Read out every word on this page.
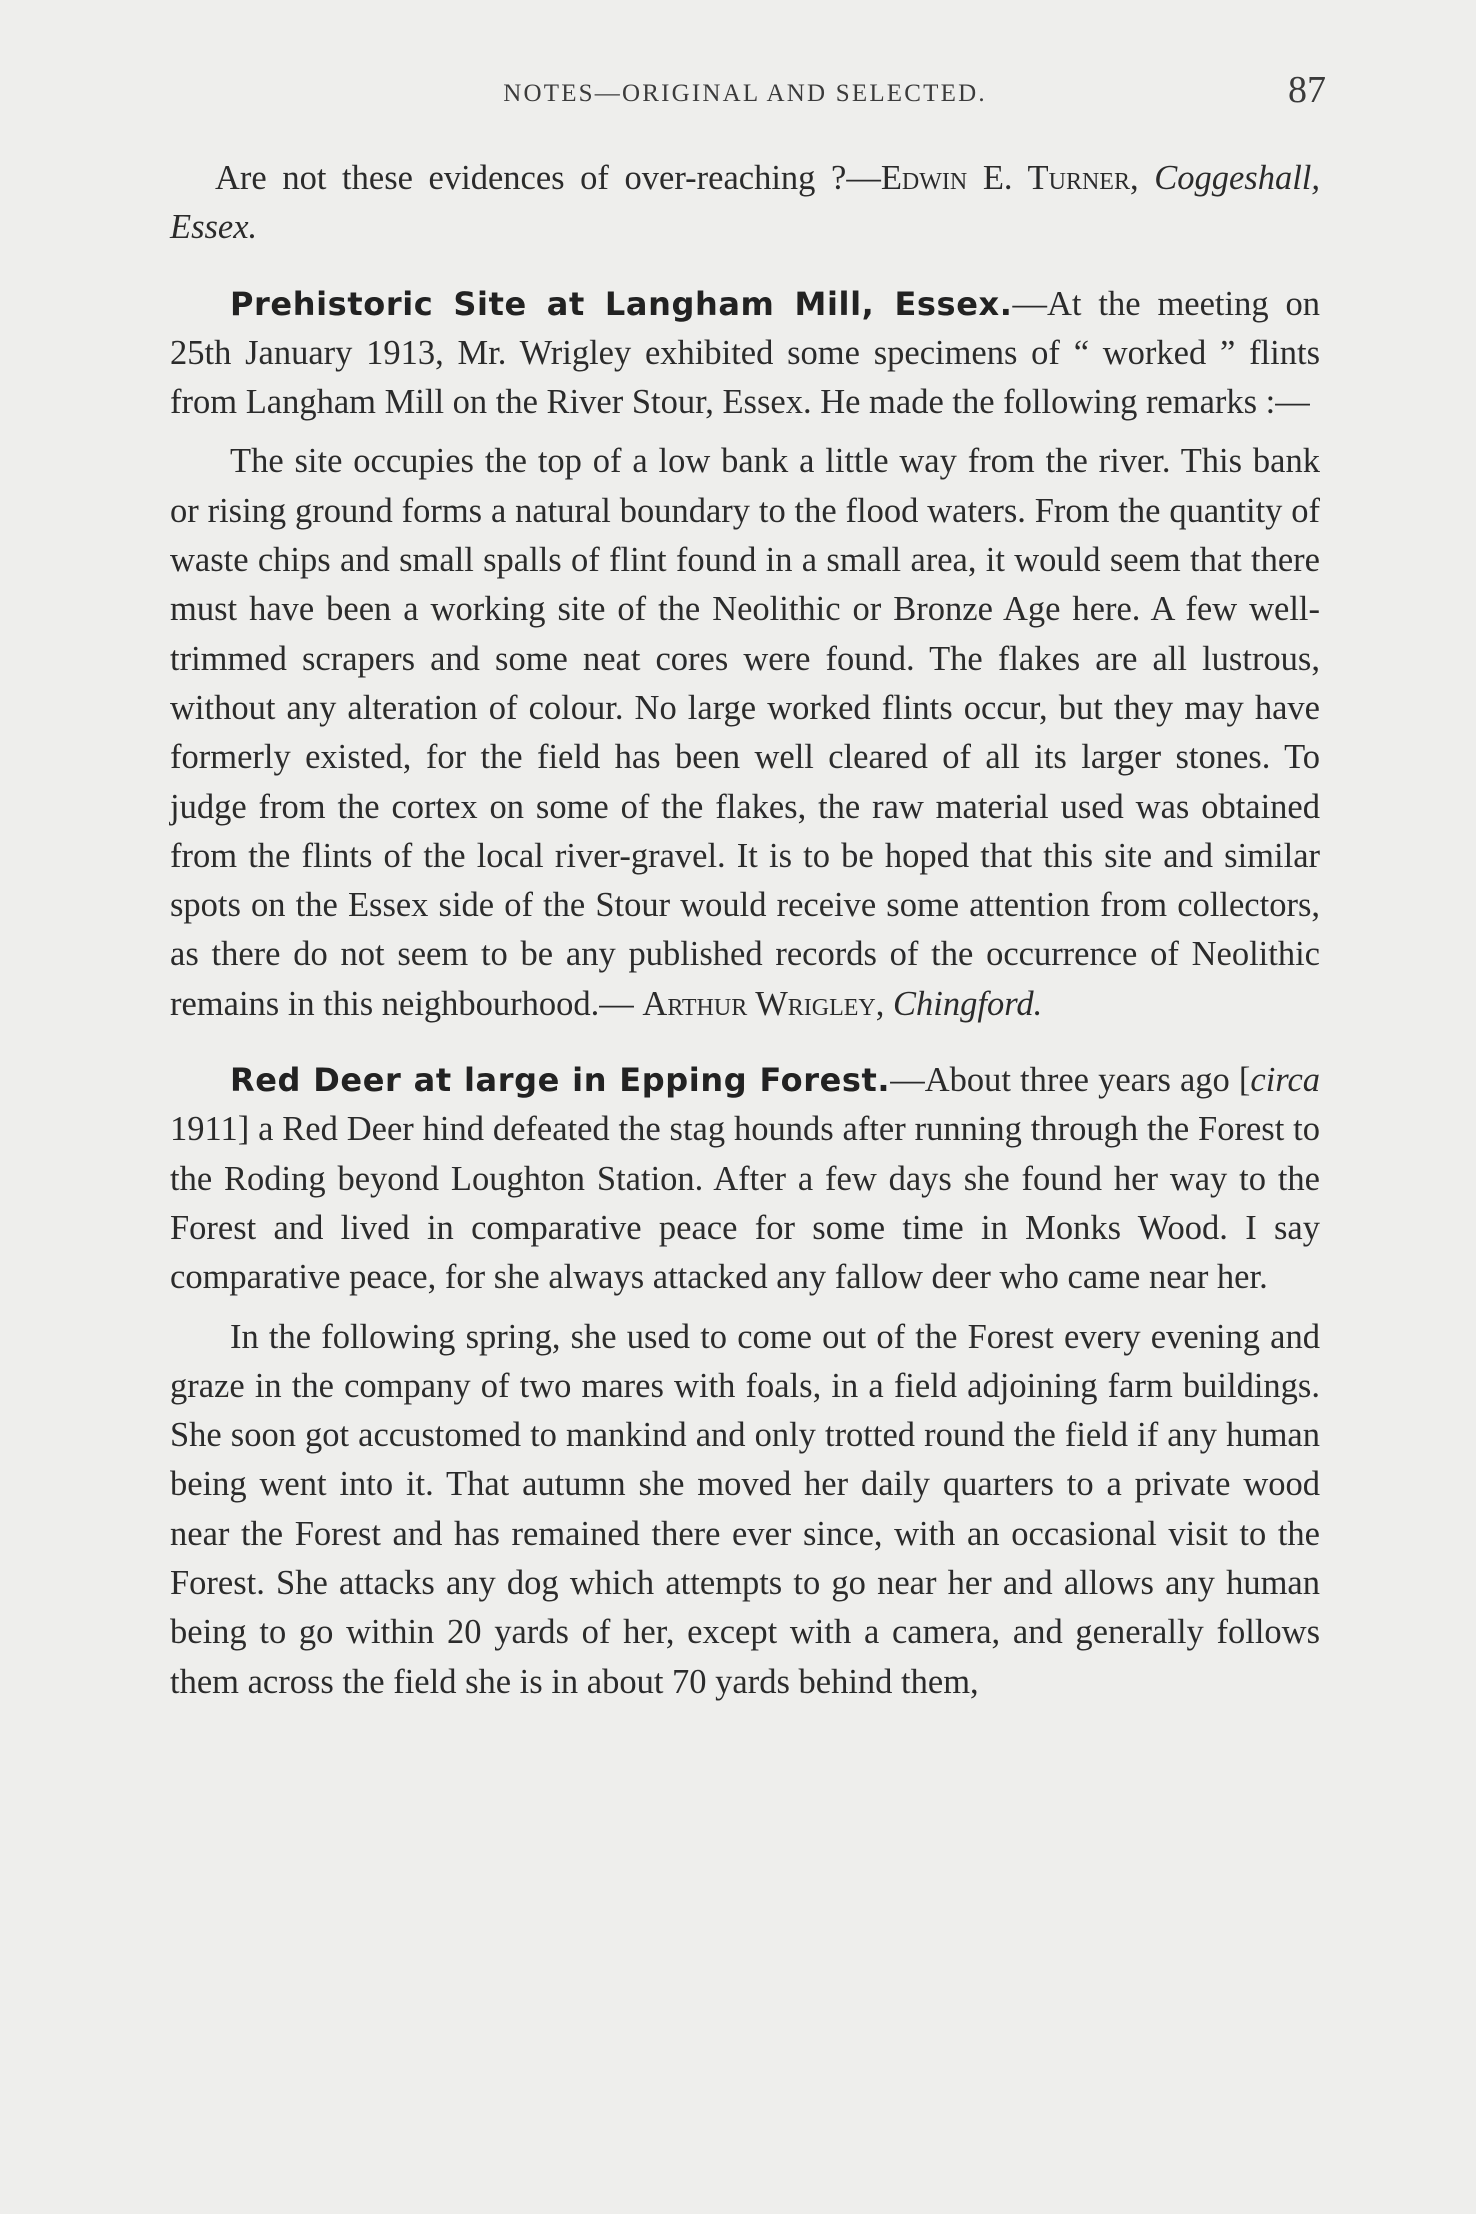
NOTES—ORIGINAL AND SELECTED.	87

Are not these evidences of over-reaching ?—Edwin E. Turner, Coggeshall, Essex.

Prehistoric Site at Langham Mill, Essex.—At the meeting on 25th January 1913, Mr. Wrigley exhibited some specimens of “ worked ” flints from Langham Mill on the River Stour, Essex. He made the following remarks :—

The site occupies the top of a low bank a little way from the river. This bank or rising ground forms a natural boundary to the flood waters. From the quantity of waste chips and small spalls of flint found in a small area, it would seem that there must have been a working site of the Neolithic or Bronze Age here. A few well-trimmed scrapers and some neat cores were found. The flakes are all lustrous, without any alteration of colour. No large worked flints occur, but they may have formerly existed, for the field has been well cleared of all its larger stones. To judge from the cortex on some of the flakes, the raw material used was obtained from the flints of the local river-gravel. It is to be hoped that this site and similar spots on the Essex side of the Stour would receive some attention from collectors, as there do not seem to be any published records of the occurrence of Neolithic remains in this neighbourhood.— Arthur Wrigley, Chingford.

Red Deer at large in Epping Forest.—About three years ago [circa 1911] a Red Deer hind defeated the stag hounds after running through the Forest to the Roding beyond Loughton Station. After a few days she found her way to the Forest and lived in comparative peace for some time in Monks Wood. I say comparative peace, for she always attacked any fallow deer who came near her.

In the following spring, she used to come out of the Forest every evening and graze in the company of two mares with foals, in a field adjoining farm buildings. She soon got accustomed to mankind and only trotted round the field if any human being went into it. That autumn she moved her daily quarters to a private wood near the Forest and has remained there ever since, with an occasional visit to the Forest. She attacks any dog which attempts to go near her and allows any human being to go within 20 yards of her, except with a camera, and generally follows them across the field she is in about 70 yards behind them,
